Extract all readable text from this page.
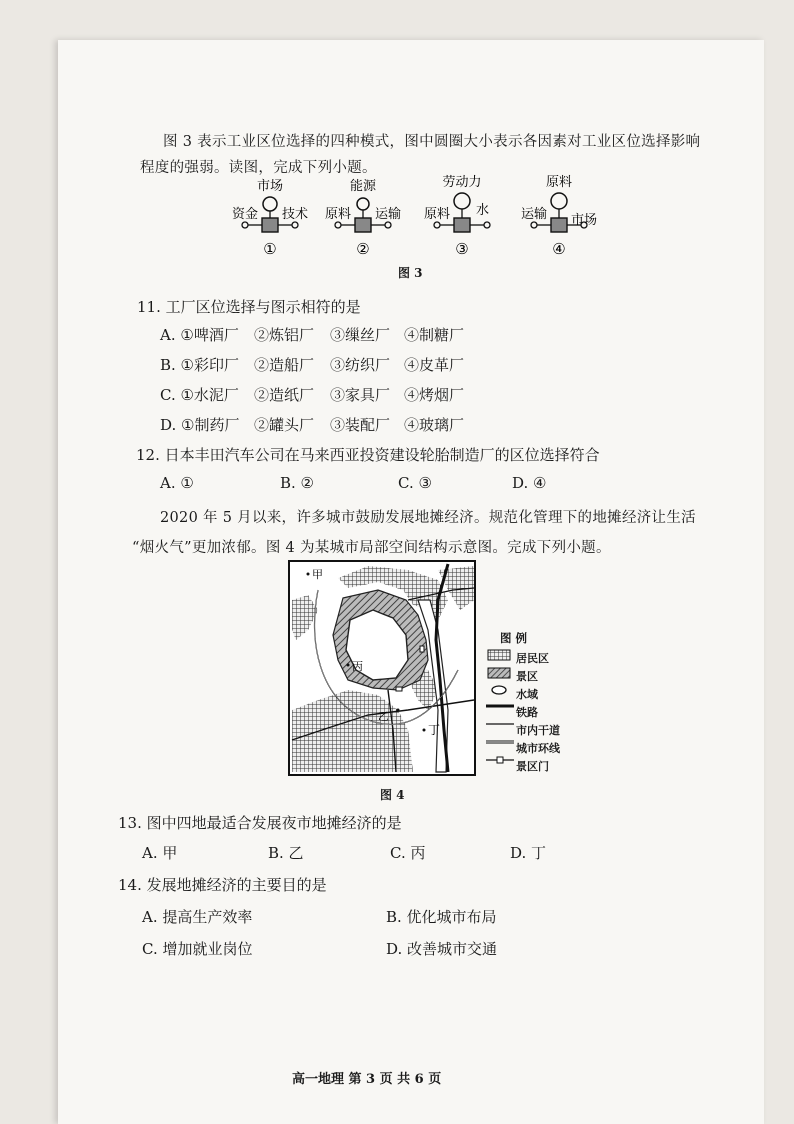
图 3 表示工业区位选择的四种模式，图中圆圈大小表示各因素对工业区位选择影响
程度的强弱。读图，完成下列小题。
市场
资金 技术
①
能源
原料 运输
②
劳动力
原料 水
③
原料
运输 市场
④
图 3
11. 工厂区位选择与图示相符的是
A. ①啤酒厂 ②炼铝厂 ③缫丝厂 ④制糖厂
B. ①彩印厂 ②造船厂 ③纺织厂 ④皮革厂
C. ①水泥厂 ②造纸厂 ③家具厂 ④烤烟厂
D. ①制药厂 ②罐头厂 ③装配厂 ④玻璃厂
12. 日本丰田汽车公司在马来西亚投资建设轮胎制造厂的区位选择符合
A. ①	B. ②	C. ③	D. ④
2020 年 5 月以来，许多城市鼓励发展地摊经济。规范化管理下的地摊经济让生活
“烟火气”更加浓郁。图 4 为某城市局部空间结构示意图。完成下列小题。
甲
乙
丙
丁
图 例
居民区
景区
水域
铁路
市内干道
城市环线
景区门
图 4
13. 图中四地最适合发展夜市地摊经济的是
A. 甲	B. 乙	C. 丙	D. 丁
14. 发展地摊经济的主要目的是
A. 提高生产效率	B. 优化城市布局
C. 增加就业岗位	D. 改善城市交通
高一地理 第 3 页 共 6 页
